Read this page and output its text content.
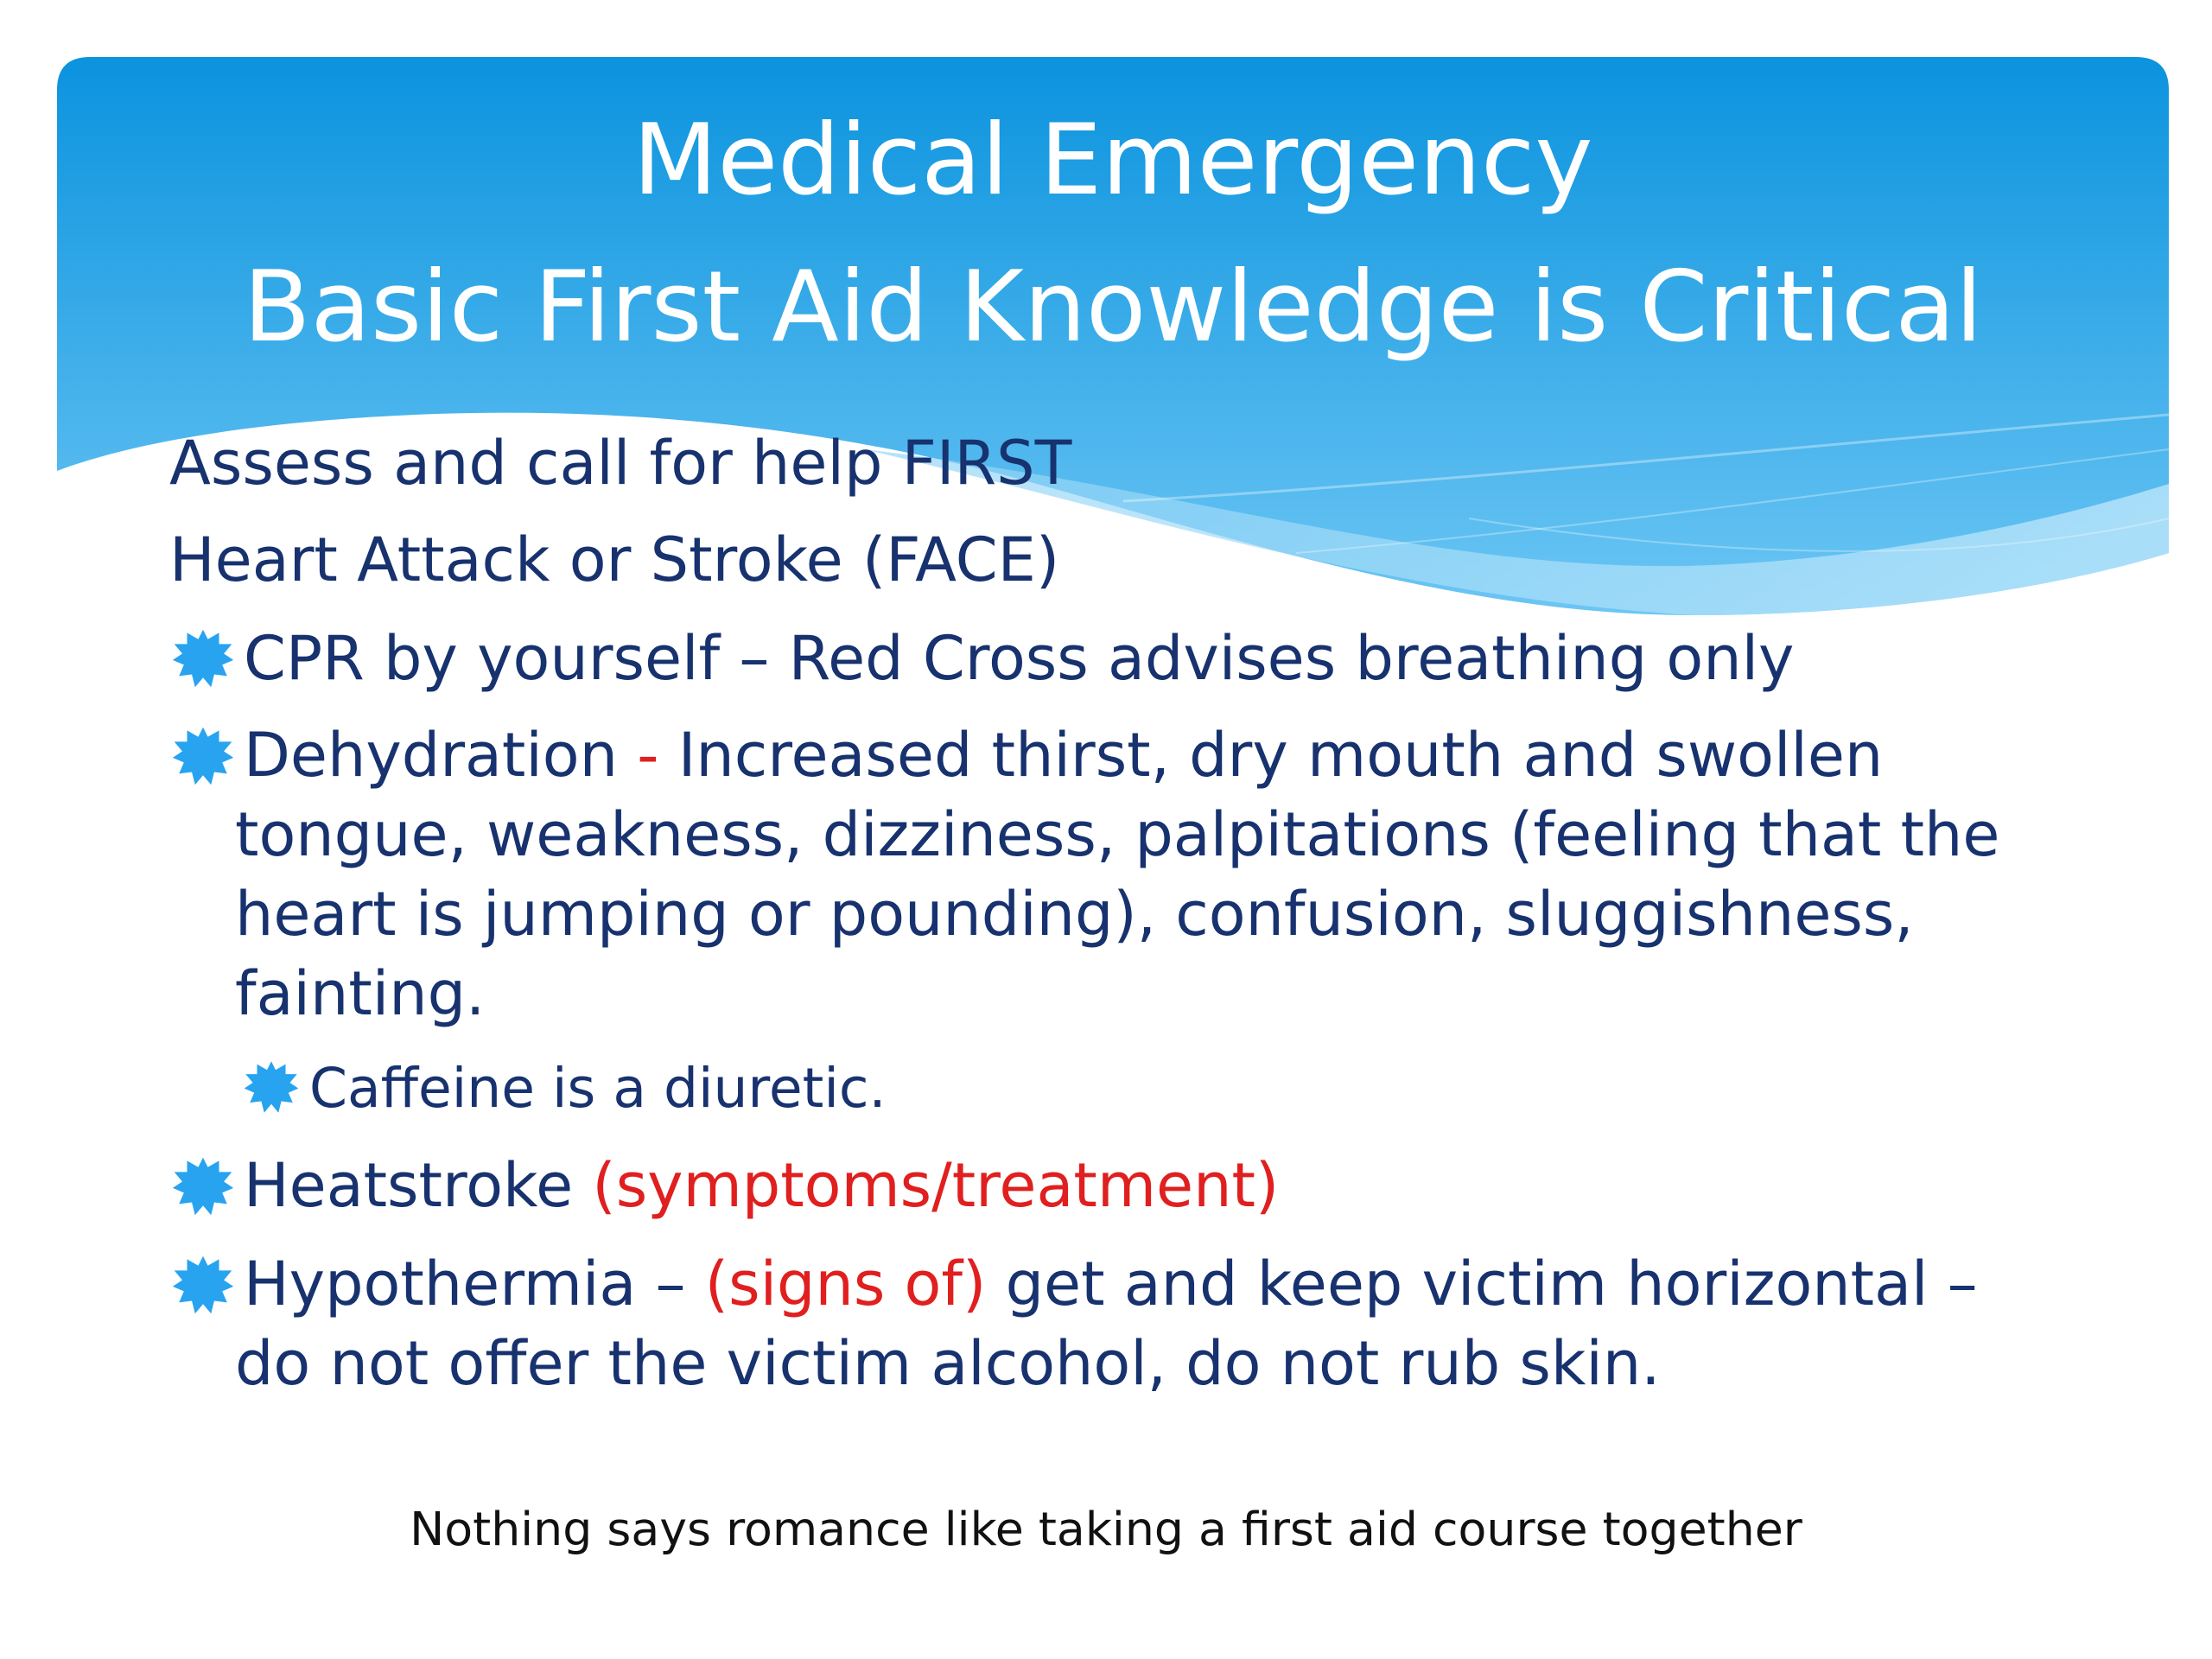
Medical Emergency
Basic First Aid Knowledge is Critical
Assess and call for help FIRST
Heart Attack or Stroke (FACE)
CPR by yourself – Red Cross advises breathing only
Dehydration - Increased thirst, dry mouth and swollen
tongue, weakness, dizziness, palpitations (feeling that the
heart is jumping or pounding), confusion, sluggishness,
fainting.
Caffeine is a diuretic.
Heatstroke (symptoms/treatment)
Hypothermia – (signs of) get and keep victim horizontal –
do not offer the victim alcohol, do not rub skin.
Nothing says romance like taking a first aid course together
